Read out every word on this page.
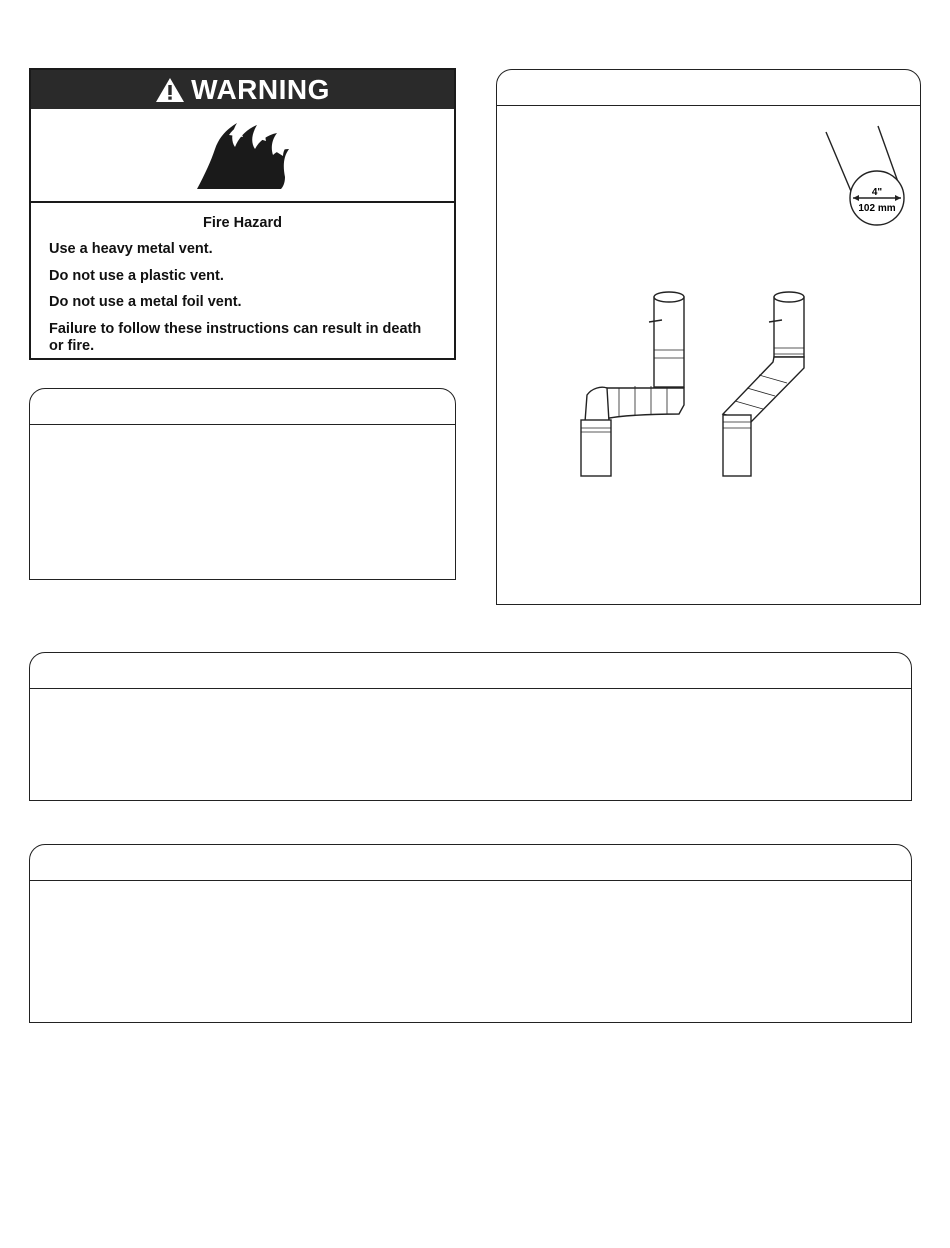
WARNING
Fire Hazard

Use a heavy metal vent.

Do not use a plastic vent.

Do not use a metal foil vent.

Failure to follow these instructions can result in death or fire.

4"
102 mm
